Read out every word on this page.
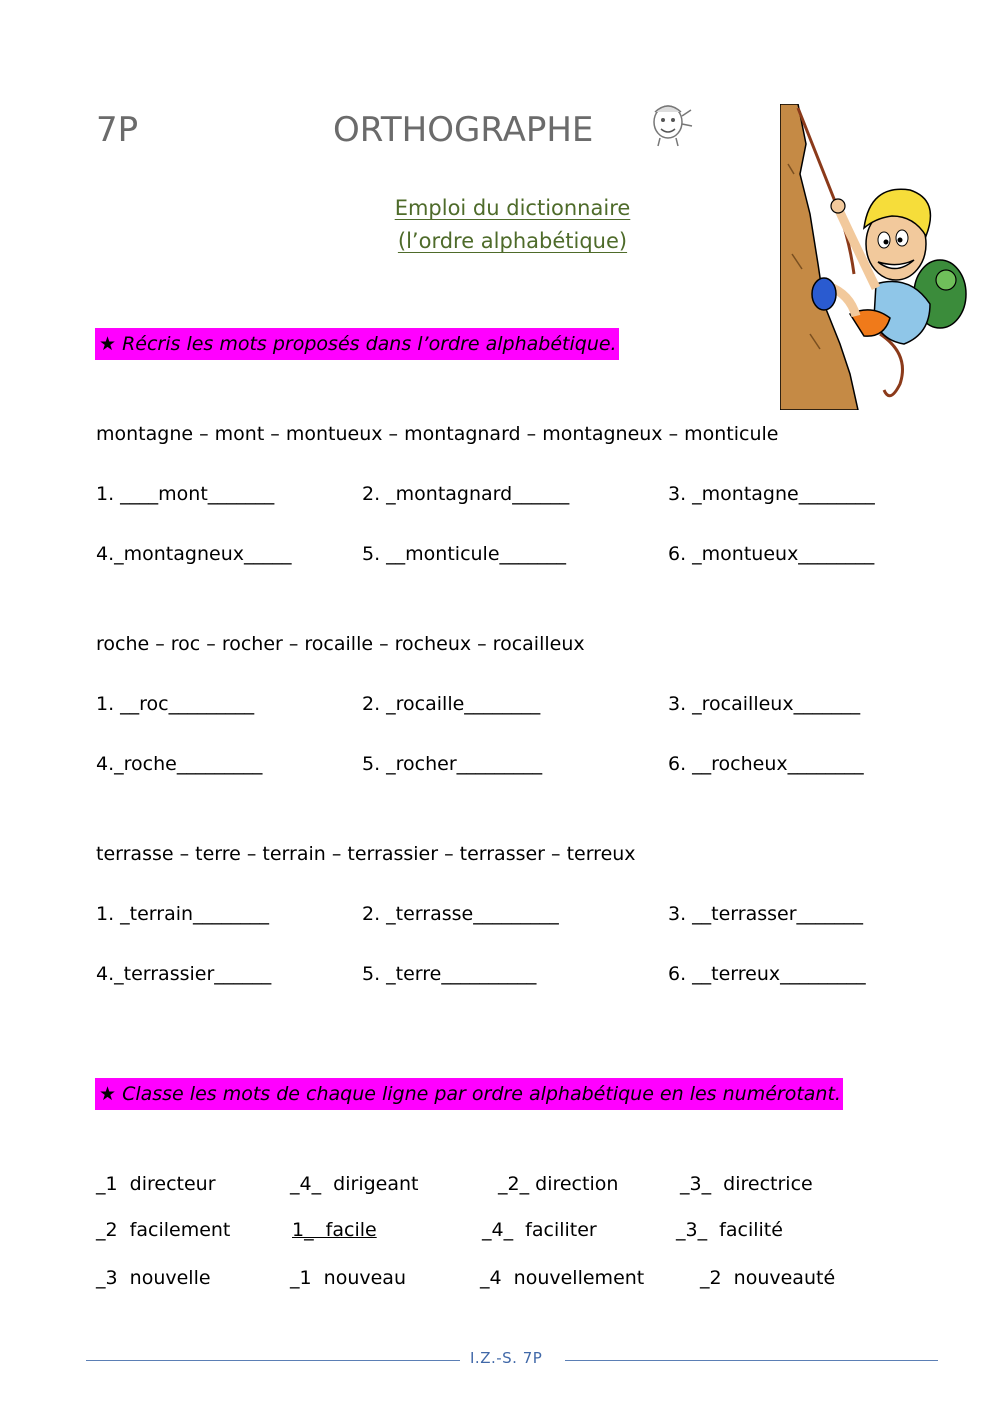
7P	ORTHOGRAPHE
Emploi du dictionnaire
(l’ordre alphabétique)
★ Récris les mots proposés dans l’ordre alphabétique.
montagne – mont – montueux – montagnard – montagneux – monticule
1. ____mont_______	2. _montagnard______	3. _montagne________
4._montagneux_____	5. __monticule_______	6. _montueux________
roche – roc – rocher – rocaille – rocheux – rocailleux
1. __roc_________	2. _rocaille________	3. _rocailleux_______
4._roche_________	5. _rocher_________	6. __rocheux________
terrasse – terre – terrain – terrassier – terrasser – terreux
1. _terrain________	2. _terrasse_________	3. __terrasser_______
4._terrassier______	5. _terre__________	6. __terreux_________
★ Classe les mots de chaque ligne par ordre alphabétique en les numérotant.
_1  directeur	_4_  dirigeant	_2_ direction	_3_  directrice
_2  facilement	1_  facile	_4_  faciliter	_3_  facilité
_3  nouvelle	_1  nouveau	_4  nouvellement	_2  nouveauté
I.Z.-S. 7P
